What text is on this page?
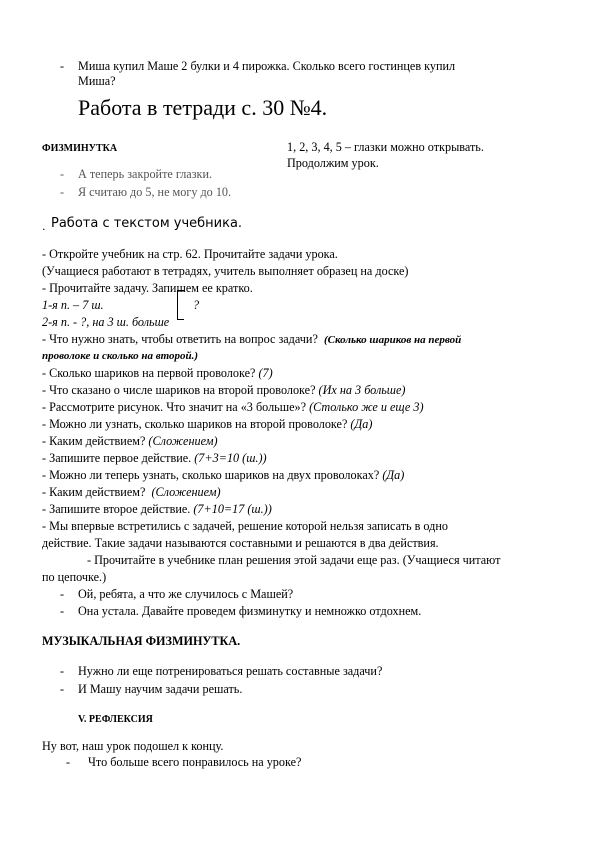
- Миша купил Маше 2 булки и 4 пирожка. Сколько всего гостинцев купил
Миша?
Работа в тетради с. 30 №4.
ФИЗМИНУТКА
- А теперь закройте глазки.
- Я считаю до 5, не могу до 10.
1, 2, 3, 4, 5 – глазки можно открывать.
Продолжим урок.
. Работа с текстом учебника.
- Откройте учебник на стр. 62. Прочитайте задачи урока.
(Учащиеся работают в тетрадях, учитель выполняет образец на доске)
- Прочитайте задачу. Запишем ее кратко.
1-я п. – 7 ш.	?
2-я п. - ?, на 3 ш. больше
- Что нужно знать, чтобы ответить на вопрос задачи? (Сколько шариков на первой
проволоке и сколько на второй.)
- Сколько шариков на первой проволоке? (7)
- Что сказано о числе шариков на второй проволоке? (Их на 3 больше)
- Рассмотрите рисунок. Что значит на «3 больше»? (Столько же и еще 3)
- Можно ли узнать, сколько шариков на второй проволоке? (Да)
- Каким действием? (Сложением)
- Запишите первое действие. (7+3=10 (ш.))
- Можно ли теперь узнать, сколько шариков на двух проволоках? (Да)
- Каким действием? (Сложением)
- Запишите второе действие. (7+10=17 (ш.))
- Мы впервые встретились с задачей, решение которой нельзя записать в одно
действие. Такие задачи называются составными и решаются в два действия.
- Прочитайте в учебнике план решения этой задачи еще раз. (Учащиеся читают
по цепочке.)
- Ой, ребята, а что же случилось с Машей?
- Она устала. Давайте проведем физминутку и немножко отдохнем.
МУЗЫКАЛЬНАЯ ФИЗМИНУТКА.
- Нужно ли еще потренироваться решать составные задачи?
- И Машу научим задачи решать.
V. РЕФЛЕКСИЯ
Ну вот, наш урок подошел к концу.
- Что больше всего понравилось на уроке?
